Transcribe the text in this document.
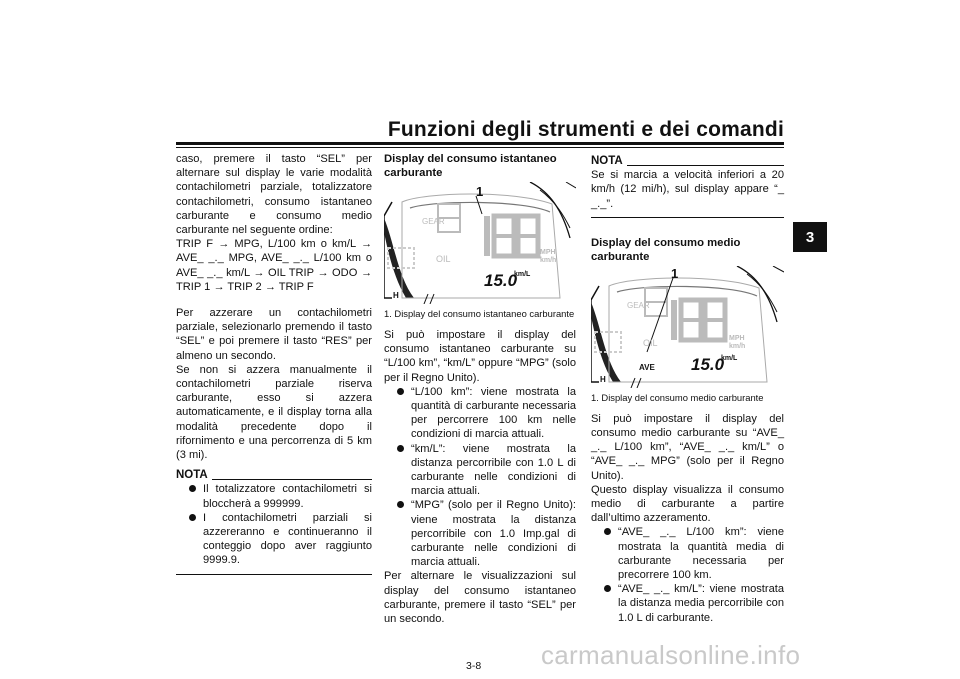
Funzioni degli strumenti e dei comandi
3

caso, premere il tasto “SEL” per alternare sul display le varie modalità contachilometri parziale, totalizzatore contachilometri, consumo istantaneo carburante e consumo medio carburante nel seguente ordine:

TRIP F → MPG, L/100 km o km/L → AVE_ _._ MPG, AVE_ _._ L/100 km o AVE_ _._ km/L → OIL TRIP → ODO → TRIP 1 → TRIP 2 → TRIP F

Per azzerare un contachilometri parziale, selezionarlo premendo il tasto “SEL” e poi premere il tasto “RES” per almeno un secondo.

Se non si azzera manualmente il contachilometri parziale riserva carburante, esso si azzera automaticamente, e il display torna alla modalità precedente dopo il rifornimento e una percorrenza di 5 km (3 mi).

NOTA
Il totalizzatore contachilometri si bloccherà a 999999.
I contachilometri parziali si azzereranno e continueranno il conteggio dopo aver raggiunto 9999.9.
Display del consumo istantaneo carburante
1
GEAR
OIL
MPH
km/h
15.0
km/L
H
1. Display del consumo istantaneo carburante

Si può impostare il display del consumo istantaneo carburante su “L/100 km”, “km/L” oppure “MPG” (solo per il Regno Unito).

“L/100 km”: viene mostrata la quantità di carburante necessaria per percorrere 100 km nelle condizioni di marcia attuali.
“km/L”: viene mostrata la distanza percorribile con 1.0 L di carburante nelle condizioni di marcia attuali.
“MPG” (solo per il Regno Unito): viene mostrata la distanza percorribile con 1.0 Imp.gal di carburante nelle condizioni di marcia attuali.

Per alternare le visualizzazioni sul display del consumo istantaneo carburante, premere il tasto “SEL” per un secondo.

NOTA

Se si marcia a velocità inferiori a 20 km/h (12 mi/h), sul display appare “_ _._”.

Display del consumo medio carburante
1
GEAR
OIL	MPH
km/h
15.0
km/L
AVE
H
1. Display del consumo medio carburante

Si può impostare il display del consumo medio carburante su “AVE_ _._ L/100 km”, “AVE_ _._ km/L” o “AVE_ _._ MPG” (solo per il Regno Unito).

Questo display visualizza il consumo medio di carburante a partire dall’ultimo azzeramento.

“AVE_ _._ L/100 km”: viene mostrata la quantità media di carburante necessaria per precorrere 100 km.
“AVE_ _._ km/L”: viene mostrata la distanza media percorribile con 1.0 L di carburante.
carmanualsonline.info
3-8
